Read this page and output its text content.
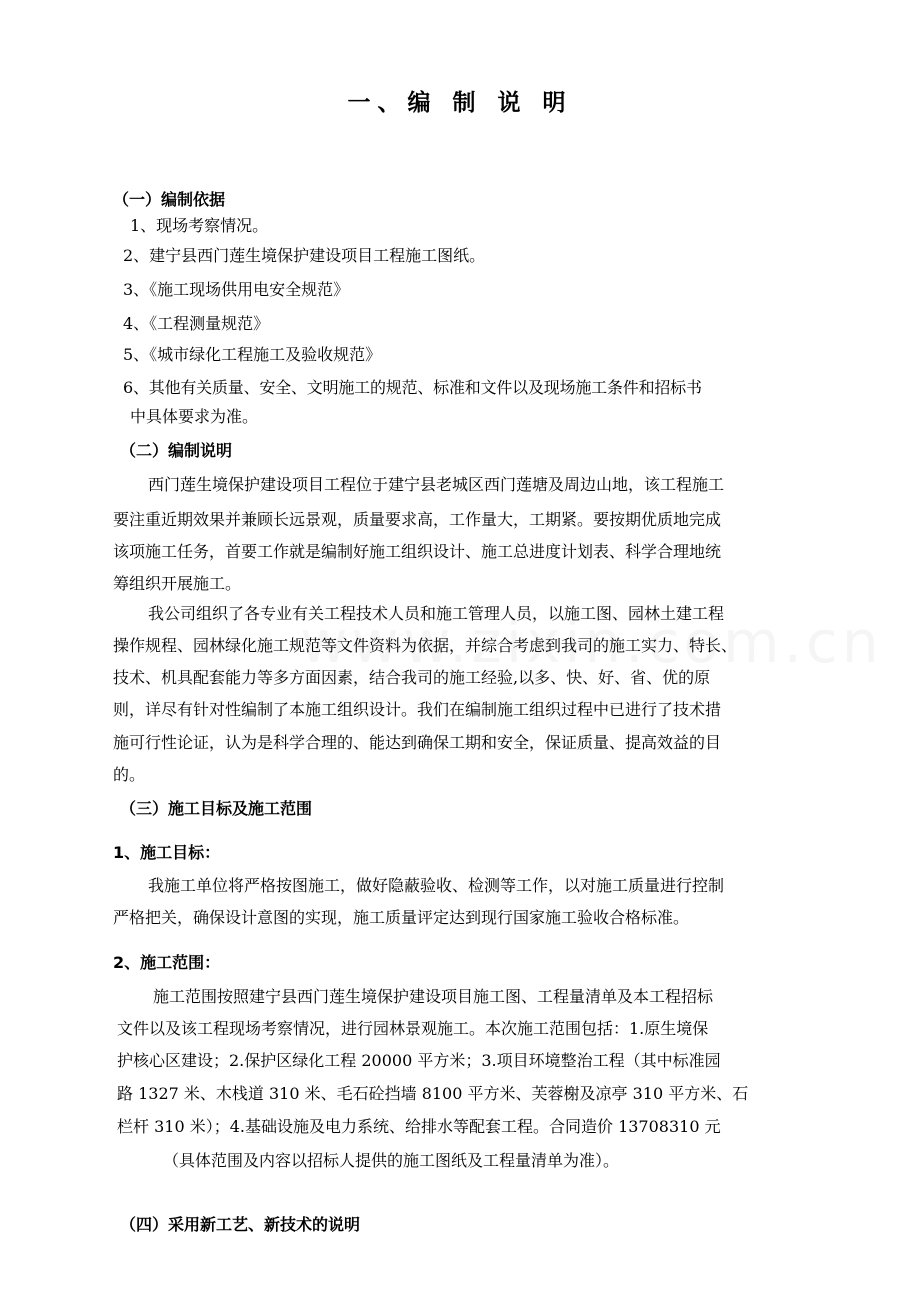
一、编 制 说 明
（一）编制依据
1、现场考察情况。
2、建宁县西门莲生境保护建设项目工程施工图纸。
3、《施工现场供用电安全规范》
4、《工程测量规范》
5、《城市绿化工程施工及验收规范》
6、其他有关质量、安全、文明施工的规范、标准和文件以及现场施工条件和招标书
中具体要求为准。
（二）编制说明
西门莲生境保护建设项目工程位于建宁县老城区西门莲塘及周边山地，该工程施工
要注重近期效果并兼顾长远景观，质量要求高，工作量大，工期紧。要按期优质地完成
该项施工任务，首要工作就是编制好施工组织设计、施工总进度计划表、科学合理地统
筹组织开展施工。
我公司组织了各专业有关工程技术人员和施工管理人员，以施工图、园林土建工程
操作规程、园林绿化施工规范等文件资料为依据，并综合考虑到我司的施工实力、特长、
技术、机具配套能力等多方面因素，结合我司的施工经验,以多、快、好、省、优的原
则，详尽有针对性编制了本施工组织设计。我们在编制施工组织过程中已进行了技术措
施可行性论证，认为是科学合理的、能达到确保工期和安全，保证质量、提高效益的目
的。
（三）施工目标及施工范围
1、施工目标：
我施工单位将严格按图施工，做好隐蔽验收、检测等工作，以对施工质量进行控制
严格把关，确保设计意图的实现，施工质量评定达到现行国家施工验收合格标准。
2、施工范围：
施工范围按照建宁县西门莲生境保护建设项目施工图、工程量清单及本工程招标
文件以及该工程现场考察情况，进行园林景观施工。本次施工范围包括：1.原生境保
护核心区建设；2.保护区绿化工程 20000 平方米；3.项目环境整治工程（其中标准园
路 1327 米、木栈道 310 米、毛石砼挡墙 8100 平方米、芙蓉榭及凉亭 310 平方米、石
栏杆 310 米）；4.基础设施及电力系统、给排水等配套工程。合同造价 13708310 元
（具体范围及内容以招标人提供的施工图纸及工程量清单为准）。
（四）采用新工艺、新技术的说明
